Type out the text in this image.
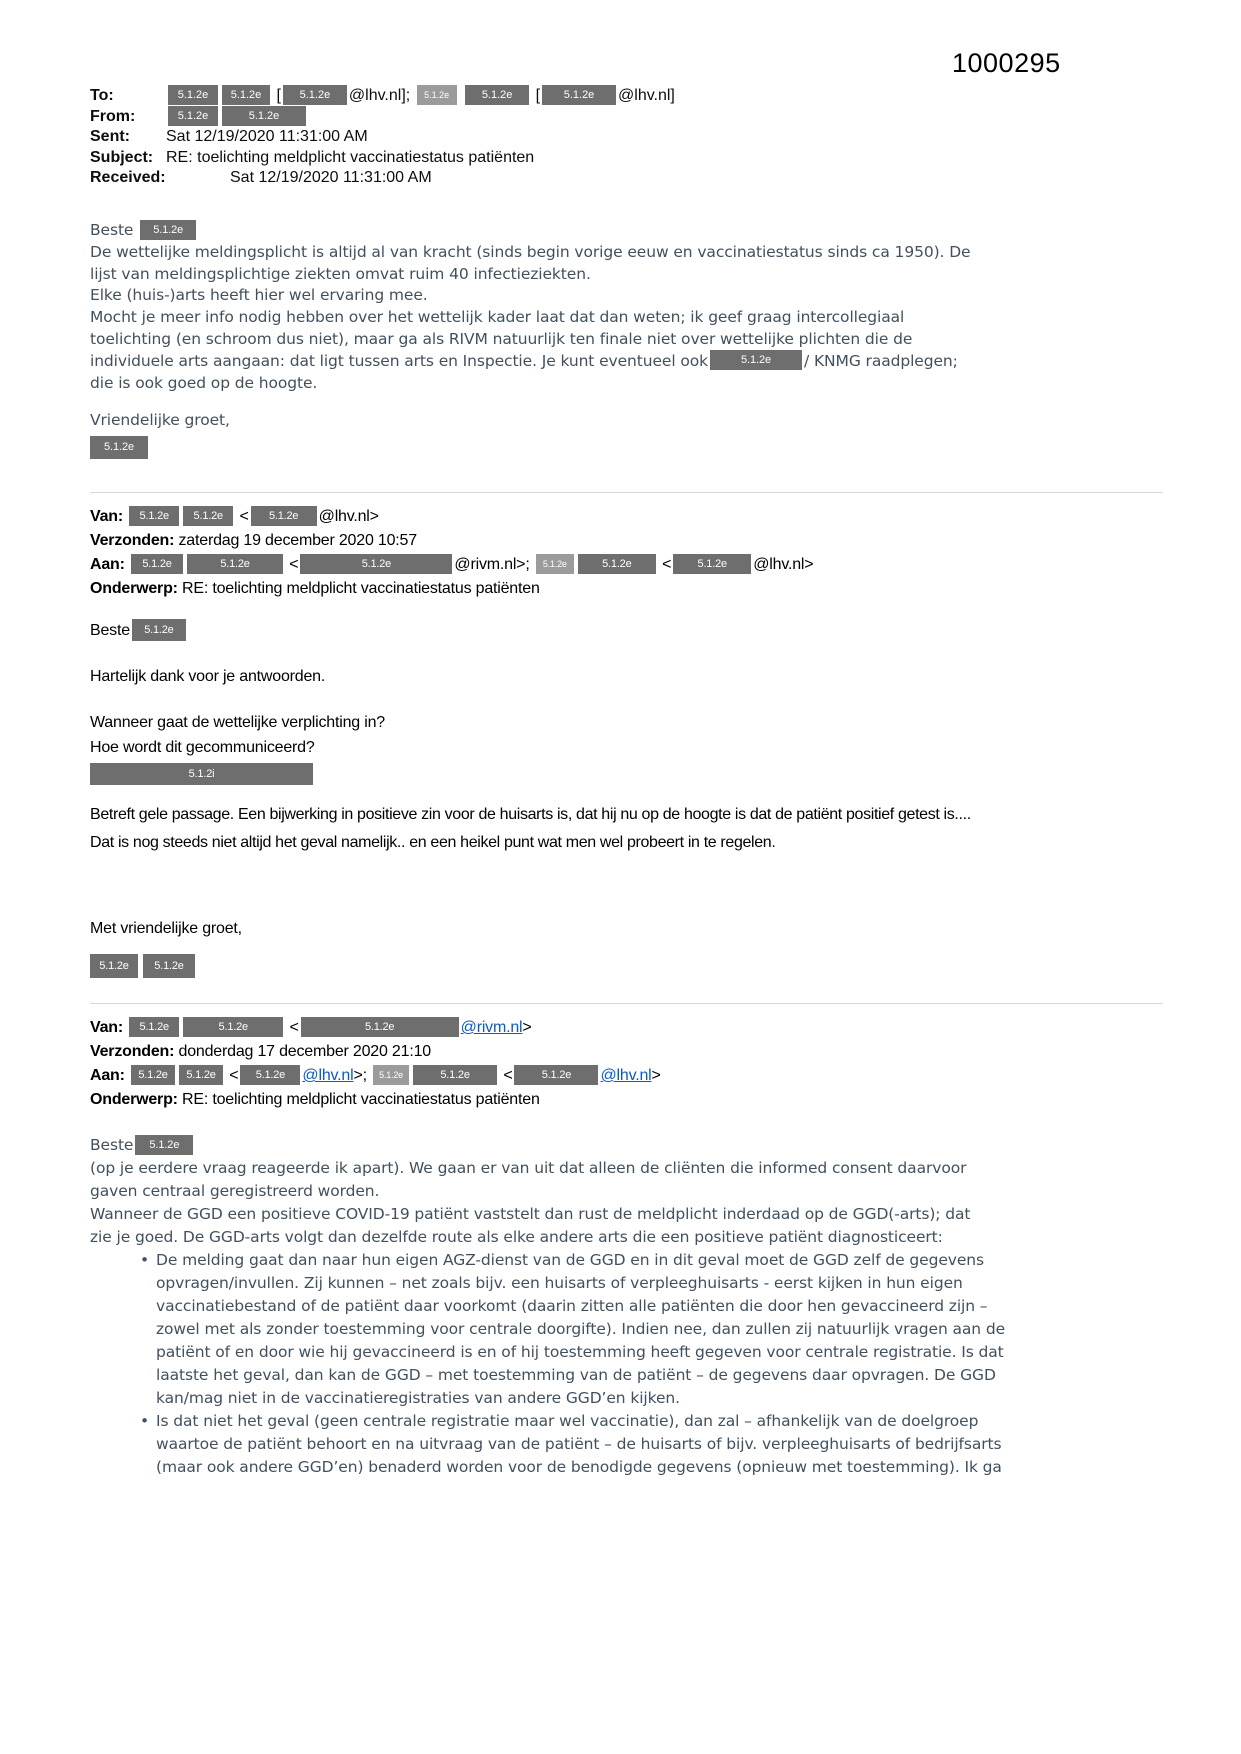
1000295
To:	5.1.2e 5.1.2e [ 5.1.2e @lhv.nl]; 5.1.2e	5.1.2e [ 5.1.2e @lhv.nl]
From:	5.1.2e	5.1.2e
Sent:	Sat 12/19/2020 11:31:00 AM
Subject: RE: toelichting meldplicht vaccinatiestatus patiënten
Received:	Sat 12/19/2020 11:31:00 AM
Beste 5.1.2e
De wettelijke meldingsplicht is altijd al van kracht (sinds begin vorige eeuw en vaccinatiestatus sinds ca 1950). De
lijst van meldingsplichtige ziekten omvat ruim 40 infectieziekten.
Elke (huis-)arts heeft hier wel ervaring mee.
Mocht je meer info nodig hebben over het wettelijk kader laat dat dan weten; ik geef graag intercollegiaal
toelichting (en schroom dus niet), maar ga als RIVM natuurlijk ten finale niet over wettelijke plichten die de
individuele arts aangaan: dat ligt tussen arts en Inspectie. Je kunt eventueel ook	5.1.2e / KNMG raadplegen;
die is ook goed op de hoogte.
Vriendelijke groet,
5.1.2e
Van: 5.1.2e 5.1.2e < 5.1.2e @lhv.nl>
Verzonden: zaterdag 19 december 2020 10:57
Aan: 5.1.2e	5.1.2e <	5.1.2e	@rivm.nl>; 5.1.2e	5.1.2e < 5.1.2e @lhv.nl>
Onderwerp: RE: toelichting meldplicht vaccinatiestatus patiënten
Beste 5.1.2e
Hartelijk dank voor je antwoorden.
Wanneer gaat de wettelijke verplichting in?
Hoe wordt dit gecommuniceerd?
5.1.2i
Betreft gele passage. Een bijwerking in positieve zin voor de huisarts is, dat hij nu op de hoogte is dat de patiënt positief getest is....
Dat is nog steeds niet altijd het geval namelijk.. en een heikel punt wat men wel probeert in te regelen.
Met vriendelijke groet,
5.1.2e 5.1.2e
Van: 5.1.2e	5.1.2e	<	5.1.2e	@rivm.nl>
Verzonden: donderdag 17 december 2020 21:10
Aan: 5.1.2e 5.1.2e < 5.1.2e @lhv.nl>; 5.1.2e	5.1.2e <	5.1.2e @lhv.nl>
Onderwerp: RE: toelichting meldplicht vaccinatiestatus patiënten
Beste 5.1.2e
(op je eerdere vraag reageerde ik apart). We gaan er van uit dat alleen de cliënten die informed consent daarvoor
gaven centraal geregistreerd worden.
Wanneer de GGD een positieve COVID-19 patiënt vaststelt dan rust de meldplicht inderdaad op de GGD(-arts); dat
zie je goed. De GGD-arts volgt dan dezelfde route als elke andere arts die een positieve patiënt diagnosticeert:
• De melding gaat dan naar hun eigen AGZ-dienst van de GGD en in dit geval moet de GGD zelf de gegevens
opvragen/invullen. Zij kunnen – net zoals bijv. een huisarts of verpleeghuisarts - eerst kijken in hun eigen
vaccinatiebestand of de patiënt daar voorkomt (daarin zitten alle patiënten die door hen gevaccineerd zijn –
zowel met als zonder toestemming voor centrale doorgifte). Indien nee, dan zullen zij natuurlijk vragen aan de
patiënt of en door wie hij gevaccineerd is en of hij toestemming heeft gegeven voor centrale registratie. Is dat
laatste het geval, dan kan de GGD – met toestemming van de patiënt – de gegevens daar opvragen. De GGD
kan/mag niet in de vaccinatieregistraties van andere GGD’en kijken.
• Is dat niet het geval (geen centrale registratie maar wel vaccinatie), dan zal – afhankelijk van de doelgroep
waartoe de patiënt behoort en na uitvraag van de patiënt – de huisarts of bijv. verpleeghuisarts of bedrijfsarts
(maar ook andere GGD’en) benaderd worden voor de benodigde gegevens (opnieuw met toestemming). Ik ga
